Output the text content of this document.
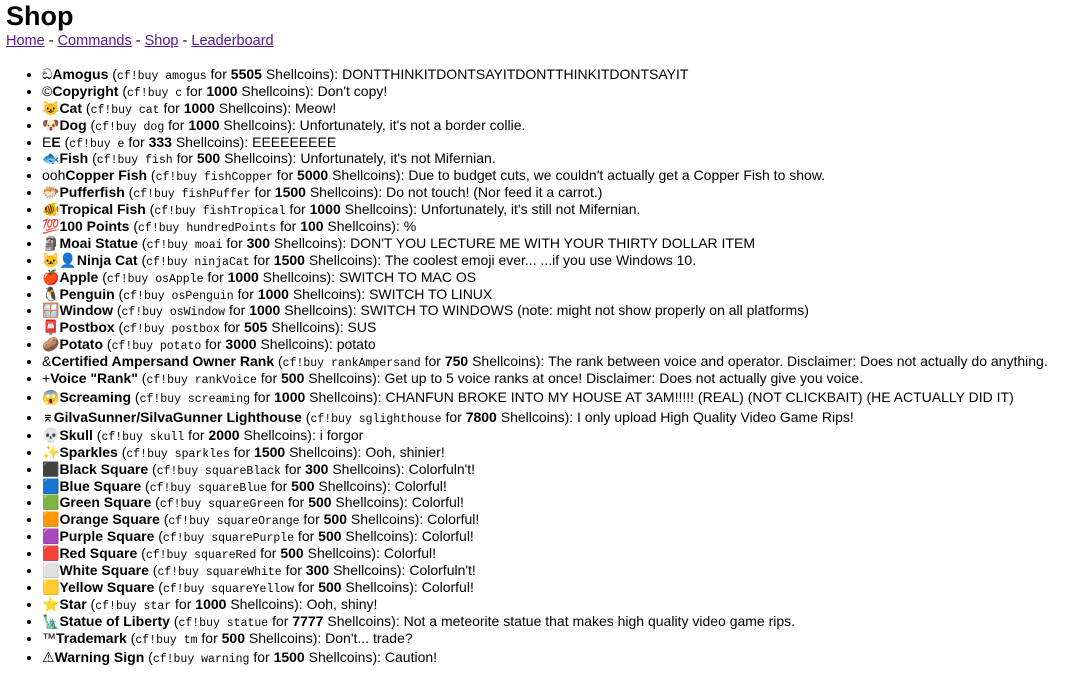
Shop
Home - Commands - Shop - Leaderboard
• ඞAmogus (cf!buy amogus for 5505 Shellcoins): DONTTHINKITDONTSAYITDONTTHINKITDONTSAYIT
• ©Copyright (cf!buy c for 1000 Shellcoins): Don't copy!
• 😺Cat (cf!buy cat for 1000 Shellcoins): Meow!
• 🐶Dog (cf!buy dog for 1000 Shellcoins): Unfortunately, it's not a border collie.
• EE (cf!buy e for 333 Shellcoins): EEEEEEEEE
• 🐟Fish (cf!buy fish for 500 Shellcoins): Unfortunately, it's not Mifernian.
• oohCopper Fish (cf!buy fishCopper for 5000 Shellcoins): Due to budget cuts, we couldn't actually get a Copper Fish to show.
• 🐡Pufferfish (cf!buy fishPuffer for 1500 Shellcoins): Do not touch! (Nor feed it a carrot.)
• 🐠Tropical Fish (cf!buy fishTropical for 1000 Shellcoins): Unfortunately, it's still not Mifernian.
• 💯100 Points (cf!buy hundredPoints for 100 Shellcoins): %
• 🗿Moai Statue (cf!buy moai for 300 Shellcoins): DON'T YOU LECTURE ME WITH YOUR THIRTY DOLLAR ITEM
• 🐱‍👤Ninja Cat (cf!buy ninjaCat for 1500 Shellcoins): The coolest emoji ever... ...if you use Windows 10.
• 🍎Apple (cf!buy osApple for 1000 Shellcoins): SWITCH TO MAC OS
• 🐧Penguin (cf!buy osPenguin for 1000 Shellcoins): SWITCH TO LINUX
• 🪟Window (cf!buy osWindow for 1000 Shellcoins): SWITCH TO WINDOWS (note: might not show properly on all platforms)
• 📮Postbox (cf!buy postbox for 505 Shellcoins): SUS
• 🥔Potato (cf!buy potato for 3000 Shellcoins): potato
• &Certified Ampersand Owner Rank (cf!buy rankAmpersand for 750 Shellcoins): The rank between voice and operator. Disclaimer: Does not actually do anything.
• +Voice "Rank" (cf!buy rankVoice for 500 Shellcoins): Get up to 5 voice ranks at once! Disclaimer: Does not actually give you voice.
• 😱Screaming (cf!buy screaming for 1000 Shellcoins): CHANFUN BROKE INTO MY HOUSE AT 3AM!!!!! (REAL) (NOT CLICKBAIT) (HE ACTUALLY DID IT)
• ⌆GilvaSunner/SilvaGunner Lighthouse (cf!buy sglighthouse for 7800 Shellcoins): I only upload High Quality Video Game Rips!
• 💀Skull (cf!buy skull for 2000 Shellcoins): i forgor
• ✨Sparkles (cf!buy sparkles for 1500 Shellcoins): Ooh, shinier!
• ⬛Black Square (cf!buy squareBlack for 300 Shellcoins): Colorfuln't!
• 🟦Blue Square (cf!buy squareBlue for 500 Shellcoins): Colorful!
• 🟩Green Square (cf!buy squareGreen for 500 Shellcoins): Colorful!
• 🟧Orange Square (cf!buy squareOrange for 500 Shellcoins): Colorful!
• 🟪Purple Square (cf!buy squarePurple for 500 Shellcoins): Colorful!
• 🟥Red Square (cf!buy squareRed for 500 Shellcoins): Colorful!
• ⬜White Square (cf!buy squareWhite for 300 Shellcoins): Colorfuln't!
• 🟨Yellow Square (cf!buy squareYellow for 500 Shellcoins): Colorful!
• ⭐Star (cf!buy star for 1000 Shellcoins): Ooh, shiny!
• 🗽Statue of Liberty (cf!buy statue for 7777 Shellcoins): Not a meteorite statue that makes high quality video game rips.
• ™Trademark (cf!buy tm for 500 Shellcoins): Don't... trade?
• ⚠Warning Sign (cf!buy warning for 1500 Shellcoins): Caution!
